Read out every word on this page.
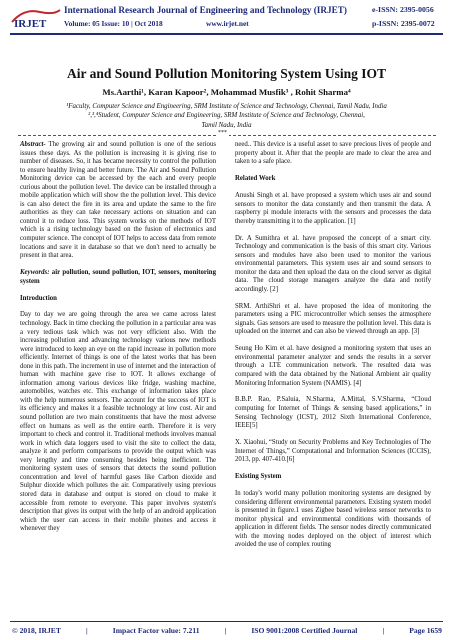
IRJET
International Research Journal of Engineering and Technology (IRJET)	e-ISSN: 2395-0056
Volume: 05 Issue: 10 | Oct 2018	www.irjet.net	p-ISSN: 2395-0072
Air and Sound Pollution Monitoring System Using IOT
Ms.Aarthi¹, Karan Kapoor², Mohammad Musfik³ , Rohit Sharma⁴
¹Faculty, Computer Science and Engineering, SRM Institute of Science and Technology, Chennai, Tamil Nadu, India
²,³,⁴Student, Computer Science and Engineering, SRM Institute of Science and Technology, Chennai,
Tamil Nadu, India
***

Abstract- The growing air and sound pollution is one of the serious issues these days. As the pollution is increasing it is giving rise to number of diseases. So, it has became necessity to control the pollution to ensure healthy living and better future. The Air and Sound Pollution Monitoring device can be accessed by the each and every people curious about the pollution level. The device can be installed through a mobile application which will show the the pollution level. This device is can also detect the fire in its area and update the same to the fire authorities as they can take necessary actions on situation and can control it to reduce loss. This system works on the methods of IOT which is a rising technology based on the fusion of electronics and computer science. The concept of IOT helps to access data from remote locations and save it in database so that we don't need to actually be present in that area.

Keywords: air pollution, sound pollution, IOT, sensors, monitoring system

Introduction

Day to day we are going through the area we came across latest technology. Back in time checking the pollution in a particular area was a very tedious task which was not very efficient also. With the increasing pollution and advancing technology various new methods were introduced to keep an eye on the rapid increase in pollution more efficiently. Internet of things is one of the latest works that has been done in this path. The increment in use of internet and the interaction of human with machine gave rise to IOT. It allows exchange of information among various devices like fridge, washing machine, automobiles, watches etc. This exchange of information takes place with the help numerous sensors. The account for the success of IOT is its efficiency and makes it a feasible technology at low cost. Air and sound pollution are two main constituents that have the most adverse effect on humans as well as the entire earth. Therefore it is very important to check and control it. Traditional methods involves manual work in which data loggers used to visit the site to collect the data, analyze it and perform comparisons to provide the output which was very lengthy and time consuming besides being inefficient. The monitoring system uses of sensors that detects the sound pollution concentration and level of harmful gases like Carbon dioxide and Sulphur dioxide which pollutes the air. Comparatively using previous stored data in database and output is stored on cloud to make it accessible from remote to everyone. This paper involves system's description that gives its output with the help of an android application which the user can access in their mobile phones and access it whenever they

need.. This device is a useful asset to save precious lives of people and property about it. After that the people are made to clear the area and taken to a safe place.

Related Work

Anushi Singh et al. have proposed a system which uses air and sound sensors to monitor the data constantly and then transmit the data. A raspberry pi module interacts with the sensors and processes the data thereby transmitting it to the application. [1]

Dr. A Sumithra et al. have proposed the concept of a smart city. Technology and communication is the basis of this smart city. Various sensors and modules have also been used to monitor the various environmental parameters. This system uses air and sound sensors to monitor the data and then upload the data on the cloud server as digital data. The cloud storage managers analyze the data and notify accordingly. [2]

SRM. ArthiShri et al. have proposed the idea of monitoring the parameters using a PIC microcontroller which senses the atmosphere signals. Gas sensors are used to measure the pollution level. This data is uploaded on the internet and can also be viewed through an app. [3]

Seung Ho Kim et al. have designed a monitoring system that uses an environmental parameter analyzer and sends the results in a server through a LTE communication network. The resulted data was compared with the data obtained by the National Ambient air quality Monitoring Information System (NAMIS). [4]

B.B.P. Rao, P.Saluia, N.Sharma, A.Mittal, S.V.Sharma, “Cloud computing for Internet of Things & sensing based applications,” in Sensing Technology (ICST), 2012 Sixth International Conference, IEEE[5]

X. Xiaohui, “Study on Security Problems and Key Technologies of The Internet of Things,” Computational and Information Sciences (ICCIS), 2013, pp. 407-410.[6]

Existing System

In today's world many pollution monitoring systems are designed by considering different environmental parameters. Existing system model is presented in figure.1 uses Zigbee based wireless sensor networks to monitor physical and environmental conditions with thousands of application in different fields. The sensor nodes directly communicated with the moving nodes deployed on the object of interest which avoided the use of complex routing

© 2018, IRJET	|	Impact Factor value: 7.211	|	ISO 9001:2008 Certified Journal	|	Page 1659
